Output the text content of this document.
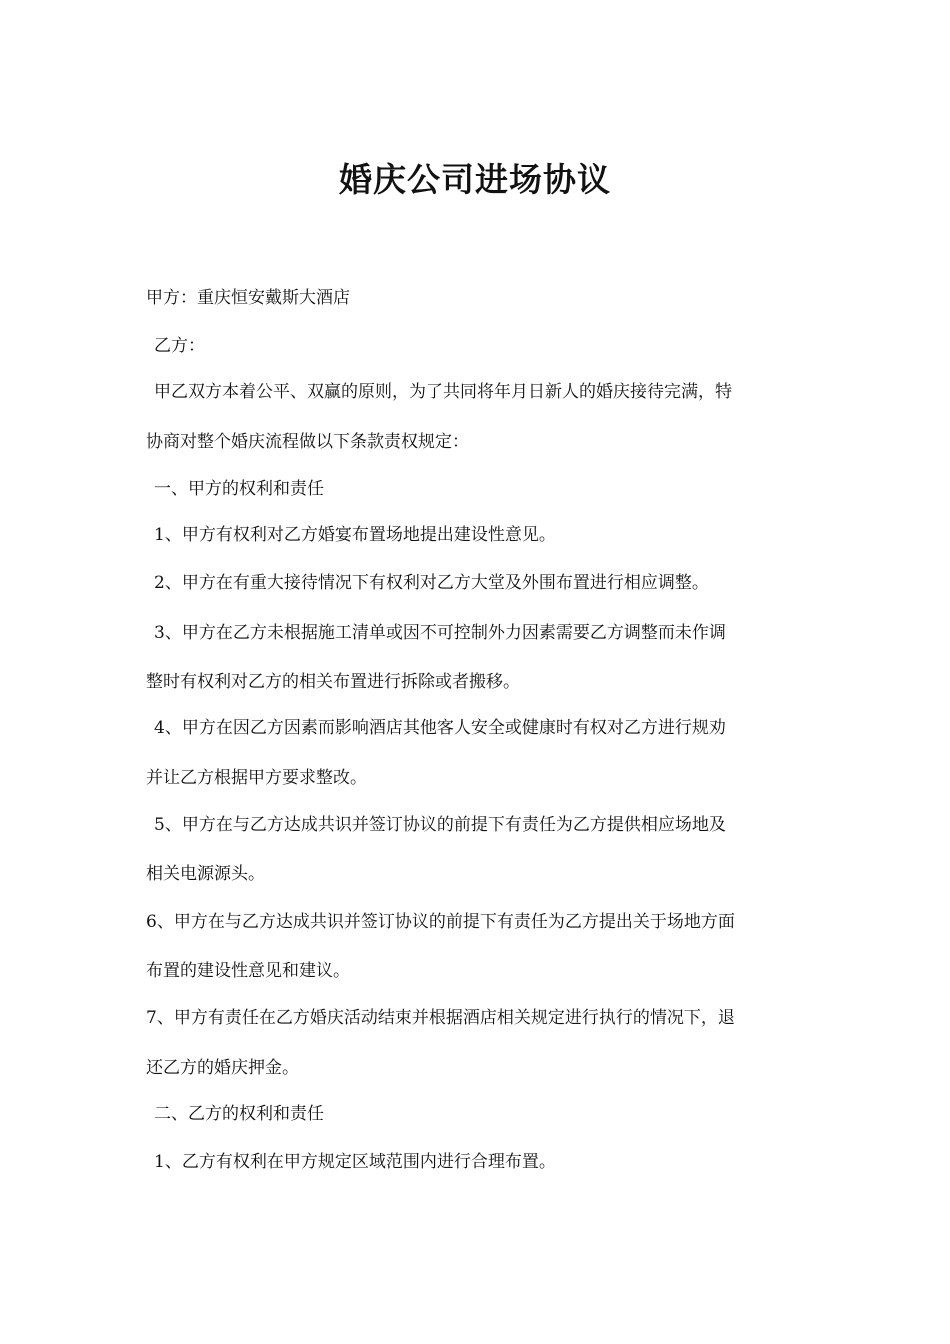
婚庆公司进场协议
甲方：重庆恒安戴斯大酒店
乙方：
甲乙双方本着公平、双赢的原则，为了共同将年月日新人的婚庆接待完满，特
协商对整个婚庆流程做以下条款责权规定：
一、甲方的权利和责任
1、甲方有权利对乙方婚宴布置场地提出建设性意见。
2、甲方在有重大接待情况下有权利对乙方大堂及外围布置进行相应调整。
3、甲方在乙方未根据施工清单或因不可控制外力因素需要乙方调整而未作调
整时有权利对乙方的相关布置进行拆除或者搬移。
4、甲方在因乙方因素而影响酒店其他客人安全或健康时有权对乙方进行规劝
并让乙方根据甲方要求整改。
5、甲方在与乙方达成共识并签订协议的前提下有责任为乙方提供相应场地及
相关电源源头。
6、甲方在与乙方达成共识并签订协议的前提下有责任为乙方提出关于场地方面
布置的建设性意见和建议。
7、甲方有责任在乙方婚庆活动结束并根据酒店相关规定进行执行的情况下，退
还乙方的婚庆押金。
二、乙方的权利和责任
1、乙方有权利在甲方规定区域范围内进行合理布置。
